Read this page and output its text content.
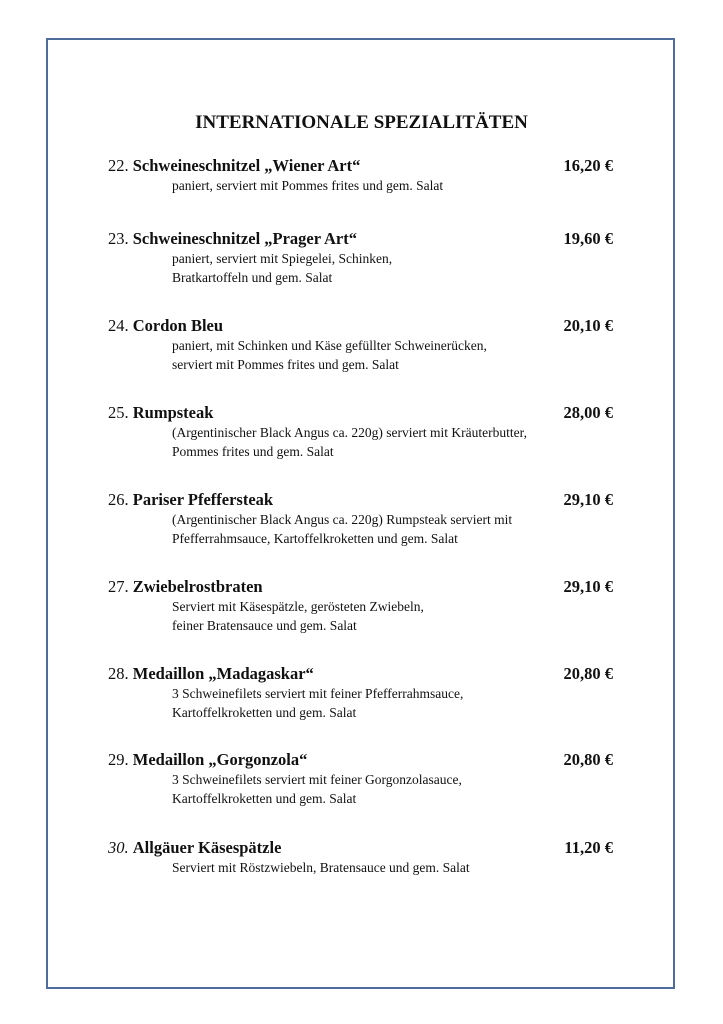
INTERNATIONALE SPEZIALITÄTEN
22. Schweineschnitzel „Wiener Art“	16,20 €
paniert, serviert mit Pommes frites und gem. Salat
23. Schweineschnitzel „Prager Art“	19,60 €
paniert, serviert mit Spiegelei, Schinken,
Bratkartoffeln und gem. Salat
24. Cordon Bleu	20,10 €
paniert, mit Schinken und Käse gefüllter Schweinerücken,
serviert mit Pommes frites und gem. Salat
25. Rumpsteak	28,00 €
(Argentinischer Black Angus ca. 220g) serviert mit Kräuterbutter,
Pommes frites und gem. Salat
26. Pariser Pfeffersteak	29,10 €
(Argentinischer Black Angus ca. 220g) Rumpsteak serviert mit
Pfefferrahmsauce, Kartoffelkroketten und gem. Salat
27. Zwiebelrostbraten	29,10 €
Serviert mit Käsespätzle, gerösteten Zwiebeln,
feiner Bratensauce und gem. Salat
28. Medaillon „Madagaskar“	20,80 €
3 Schweinefilets serviert mit feiner Pfefferrahmsauce,
Kartoffelkroketten und gem. Salat
29. Medaillon „Gorgonzola“	20,80 €
3 Schweinefilets serviert mit feiner Gorgonzolasauce,
Kartoffelkroketten und gem. Salat
30. Allgäuer Käsespätzle	11,20 €
Serviert mit Röstzwiebeln, Bratensauce und gem. Salat
